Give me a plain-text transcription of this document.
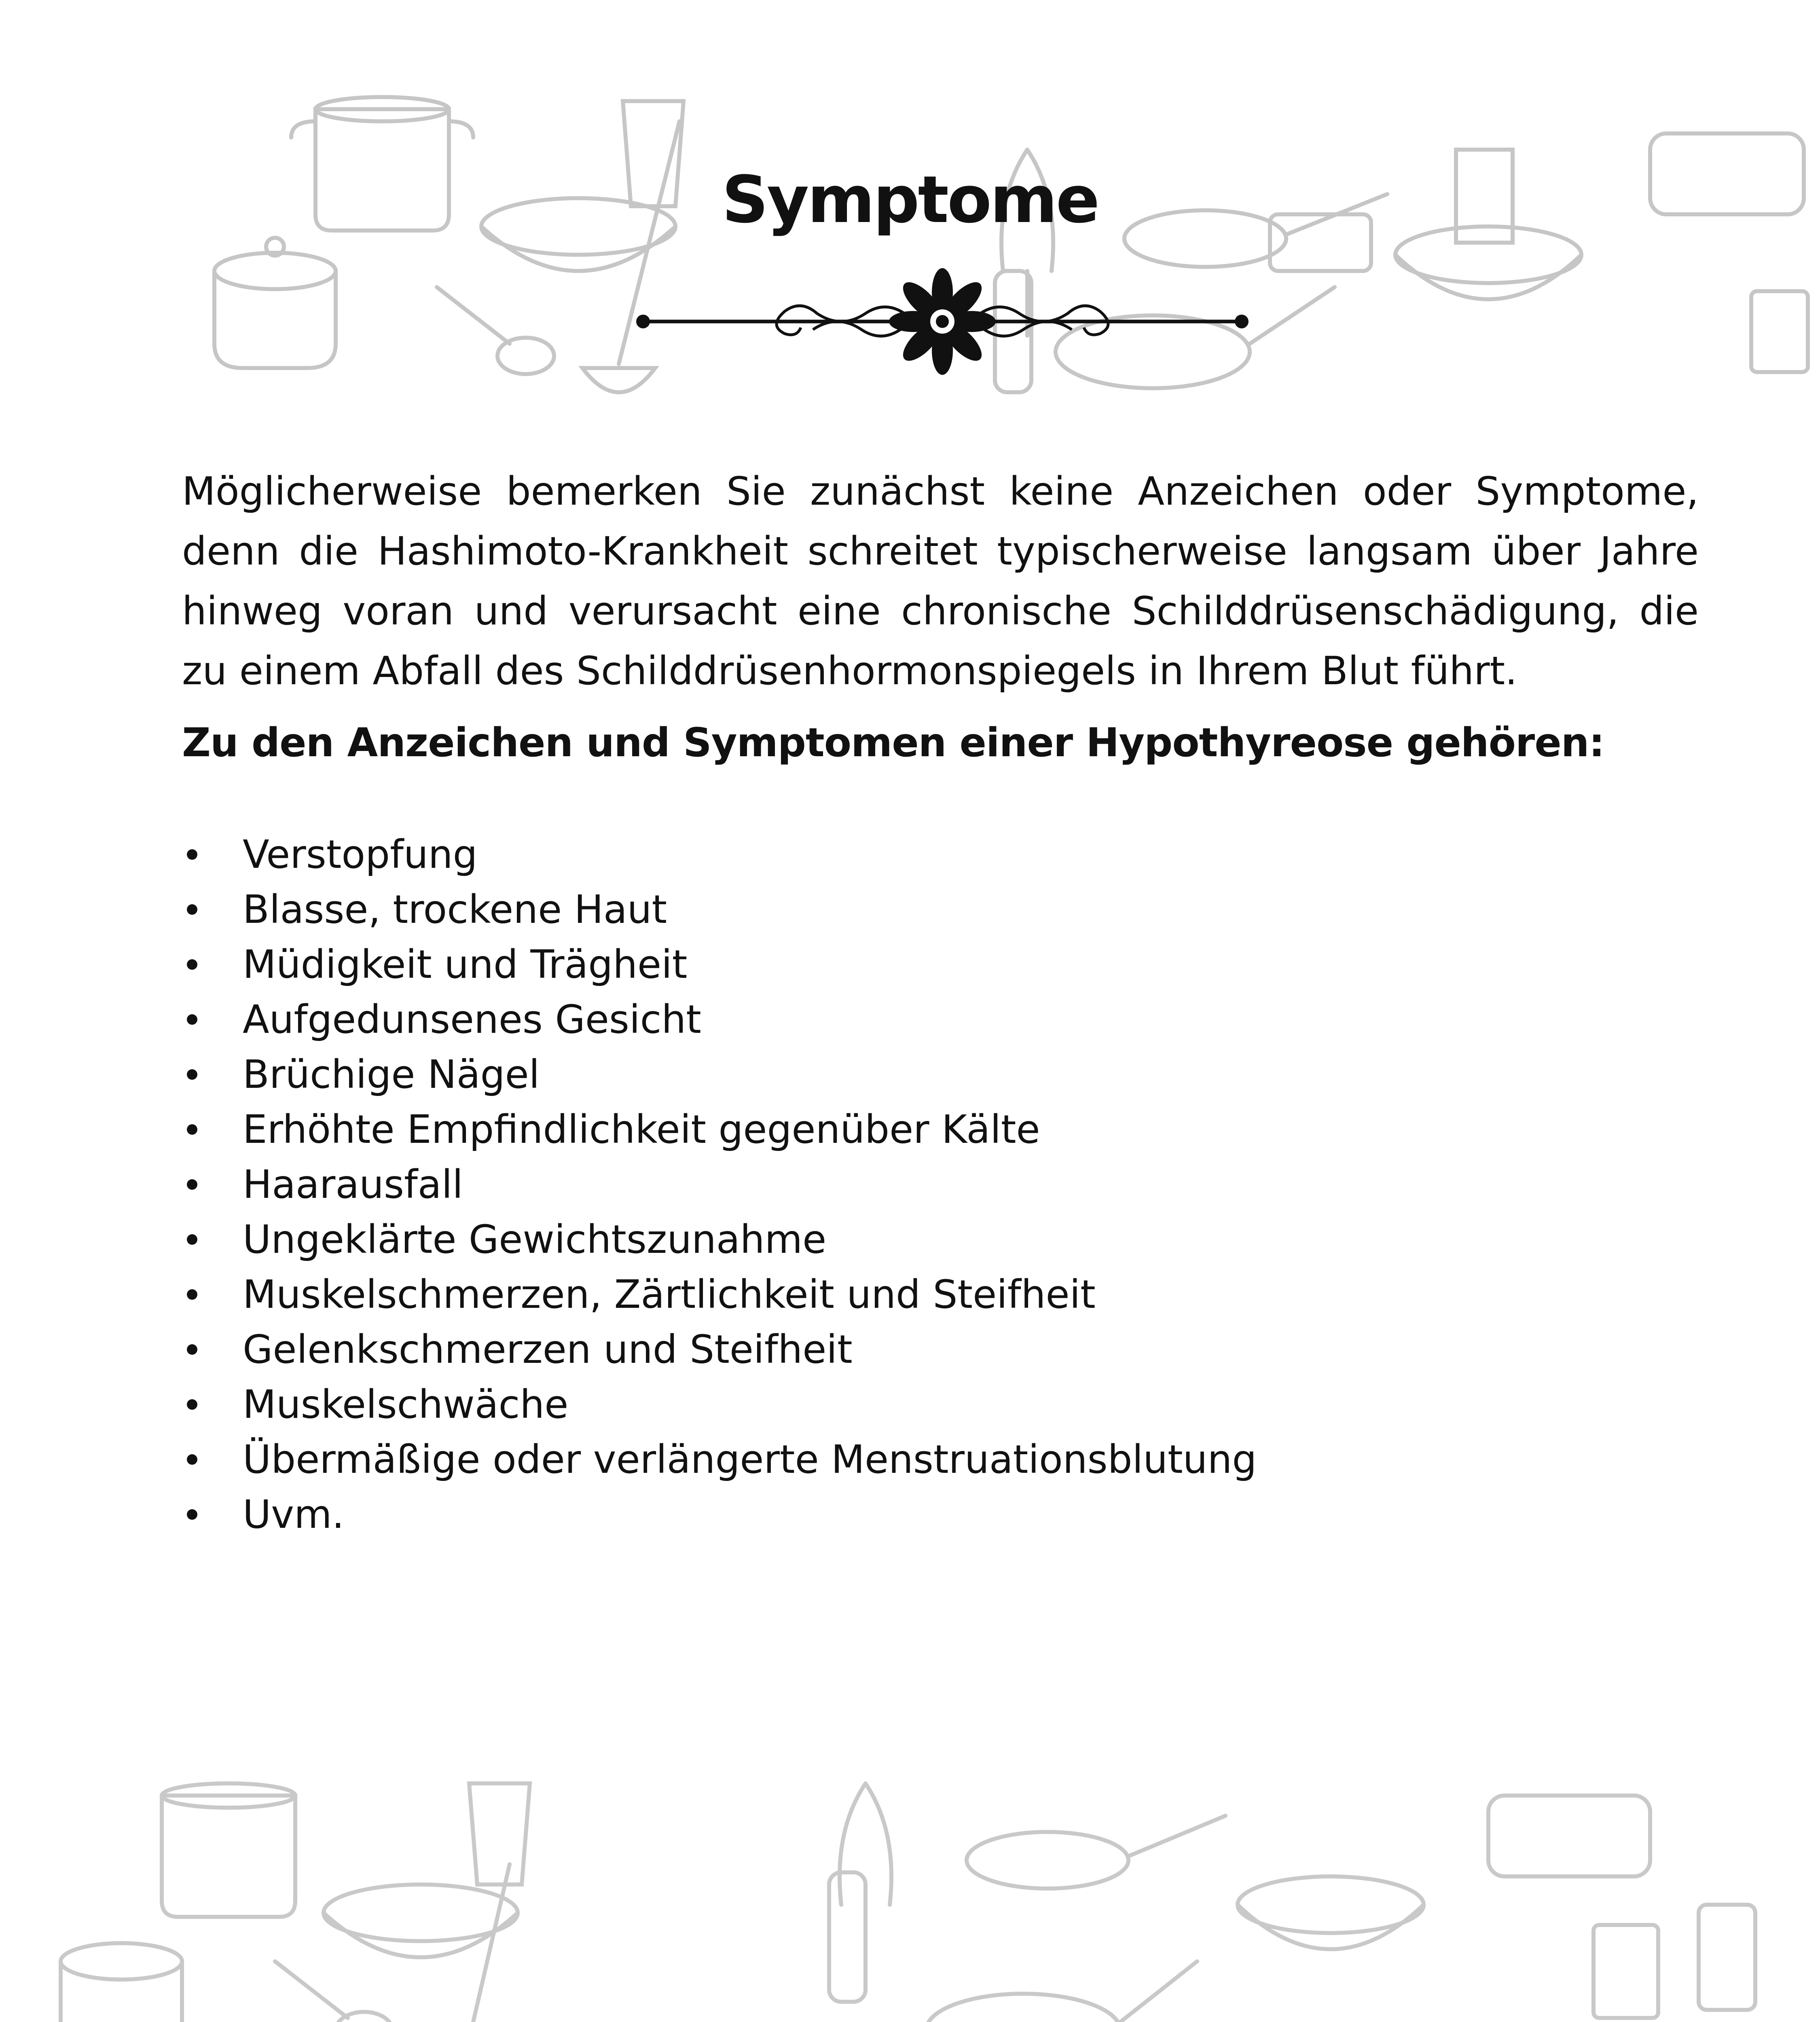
Symptome

Möglicherweise bemerken Sie zunächst keine Anzeichen oder Symptome, denn die Hashimoto-Krankheit schreitet typischerweise langsam über Jahre hinweg voran und verursacht eine chronische Schilddrüsenschädigung, die zu einem Abfall des Schilddrüsenhormonspiegels in Ihrem Blut führt.

Zu den Anzeichen und Symptomen einer Hypothyreose gehören:
Verstopfung
Blasse, trockene Haut
Müdigkeit und Trägheit
Aufgedunsenes Gesicht
Brüchige Nägel
Erhöhte Empfindlichkeit gegenüber Kälte
Haarausfall
Ungeklärte Gewichtszunahme
Muskelschmerzen, Zärtlichkeit und Steifheit
Gelenkschmerzen und Steifheit
Muskelschwäche
Übermäßige oder verlängerte Menstruationsblutung
Uvm.
